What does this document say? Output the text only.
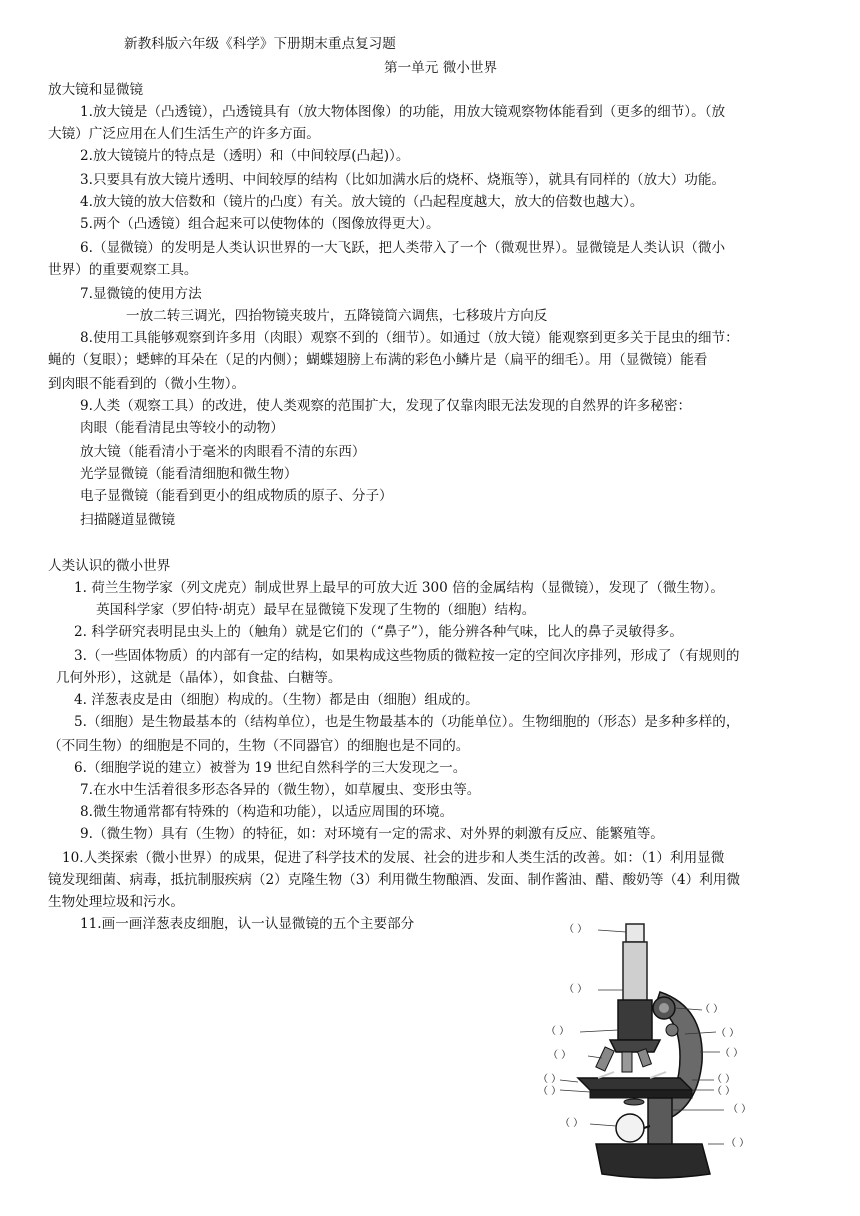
新教科版六年级《科学》下册期末重点复习题
第一单元 微小世界
放大镜和显微镜
1.放大镜是（凸透镜），凸透镜具有（放大物体图像）的功能，用放大镜观察物体能看到（更多的细节）。（放
大镜）广泛应用在人们生活生产的许多方面。
2.放大镜镜片的特点是（透明）和（中间较厚(凸起)）。
3.只要具有放大镜片透明、中间较厚的结构（比如加满水后的烧杯、烧瓶等），就具有同样的（放大）功能。
4.放大镜的放大倍数和（镜片的凸度）有关。放大镜的（凸起程度越大，放大的倍数也越大）。
5.两个（凸透镜）组合起来可以使物体的（图像放得更大）。
6.（显微镜）的发明是人类认识世界的一大飞跃，把人类带入了一个（微观世界）。显微镜是人类认识（微小
世界）的重要观察工具。
7.显微镜的使用方法
一放二转三调光，四抬物镜夹玻片，五降镜筒六调焦，七移玻片方向反
8.使用工具能够观察到许多用（肉眼）观察不到的（细节）。如通过（放大镜）能观察到更多关于昆虫的细节：
蝇的（复眼）；蟋蟀的耳朵在（足的内侧）；蝴蝶翅膀上布满的彩色小鳞片是（扁平的细毛）。用（显微镜）能看
到肉眼不能看到的（微小生物）。
9.人类（观察工具）的改进，使人类观察的范围扩大，发现了仅靠肉眼无法发现的自然界的许多秘密：
肉眼（能看清昆虫等较小的动物）
放大镜（能看清小于毫米的肉眼看不清的东西）
光学显微镜（能看清细胞和微生物）
电子显微镜（能看到更小的组成物质的原子、分子）
扫描隧道显微镜
人类认识的微小世界
1. 荷兰生物学家（列文虎克）制成世界上最早的可放大近 300 倍的金属结构（显微镜），发现了（微生物）。
英国科学家（罗伯特·胡克）最早在显微镜下发现了生物的（细胞）结构。
2. 科学研究表明昆虫头上的（触角）就是它们的（“鼻子”），能分辨各种气味，比人的鼻子灵敏得多。
3.（一些固体物质）的内部有一定的结构，如果构成这些物质的微粒按一定的空间次序排列，形成了（有规则的
几何外形），这就是（晶体），如食盐、白糖等。
4. 洋葱表皮是由（细胞）构成的。（生物）都是由（细胞）组成的。
5.（细胞）是生物最基本的（结构单位），也是生物最基本的（功能单位）。生物细胞的（形态）是多种多样的，
（不同生物）的细胞是不同的，生物（不同器官）的细胞也是不同的。
6.（细胞学说的建立）被誉为 19 世纪自然科学的三大发现之一。
7.在水中生活着很多形态各异的（微生物），如草履虫、变形虫等。
8.微生物通常都有特殊的（构造和功能），以适应周围的环境。
9.（微生物）具有（生物）的特征，如：对环境有一定的需求、对外界的刺激有反应、能繁殖等。
10.人类探索（微小世界）的成果，促进了科学技术的发展、社会的进步和人类生活的改善。如：（1）利用显微
镜发现细菌、病毒，抵抗制服疾病（2）克隆生物（3）利用微生物酿酒、发面、制作酱油、醋、酸奶等（4）利用微
生物处理垃圾和污水。
11.画一画洋葱表皮细胞，认一认显微镜的五个主要部分	（ ）
（ ）
（ ）
（ ）	（ ）
（ ）	（ ）
（ ）	（ ）
（ ）	（ ）
（ ）
（ ）
（ ）
